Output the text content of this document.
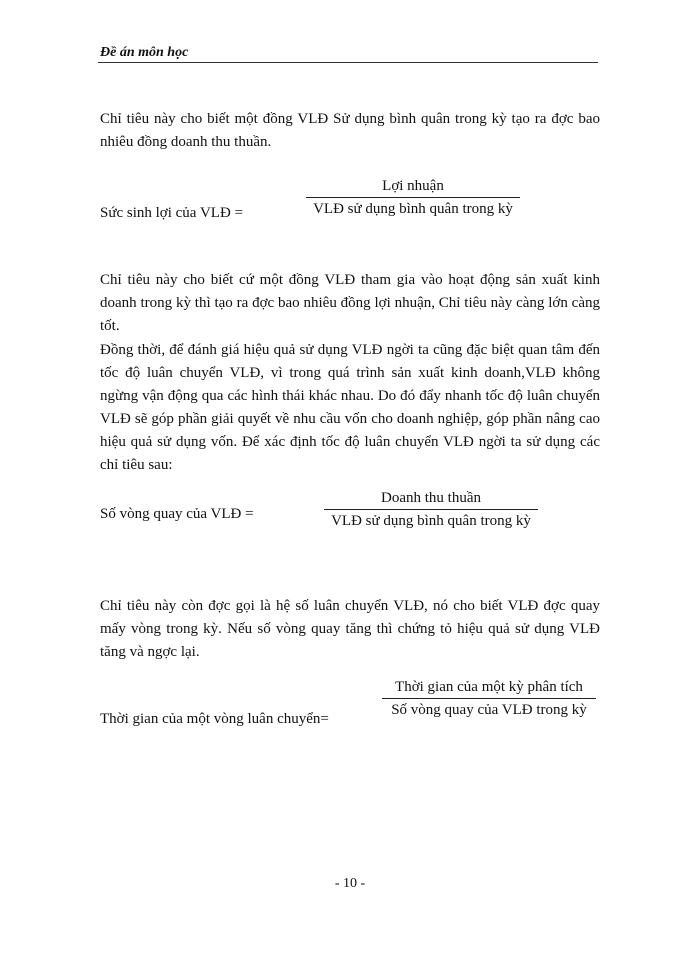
Đề án môn học

Chỉ tiêu này cho biết một đồng VLĐ Sử dụng bình quân trong kỳ tạo ra đợc bao nhiêu đồng doanh thu thuần.

Sức sinh lợi của VLĐ =
Lợi nhuận
VLĐ sử dụng bình quân trong kỳ

Chỉ tiêu này cho biết cứ một đồng VLĐ tham gia vào hoạt động sản xuất kinh doanh trong kỳ thì tạo ra đợc bao nhiêu đồng lợi nhuận, Chỉ tiêu này càng lớn càng tốt.

Đồng thời, để đánh giá hiệu quả sử dụng VLĐ ngời ta cũng đặc biệt quan tâm đến tốc độ luân chuyển VLĐ, vì trong quá trình sản xuất kinh doanh,VLĐ không ngừng vận động qua các hình thái khác nhau. Do đó đẩy nhanh tốc độ luân chuyển VLĐ sẽ góp phần giải quyết về nhu cầu vốn cho doanh nghiệp, góp phần nâng cao hiệu quả sử dụng vốn. Để xác định tốc độ luân chuyển VLĐ ngời ta sử dụng các chỉ tiêu sau:

Số vòng quay của VLĐ =
Doanh thu thuần
VLĐ sử dụng bình quân trong kỳ

Chỉ tiêu này còn đợc gọi là hệ số luân chuyển VLĐ, nó cho biết VLĐ đợc quay mấy vòng trong kỳ. Nếu số vòng quay tăng thì chứng tỏ hiệu quả sử dụng VLĐ tăng và ngợc lại.

Thời gian của một vòng luân chuyển=
Thời gian của một kỳ phân tích
Số vòng quay của VLĐ trong kỳ
- 10 -
